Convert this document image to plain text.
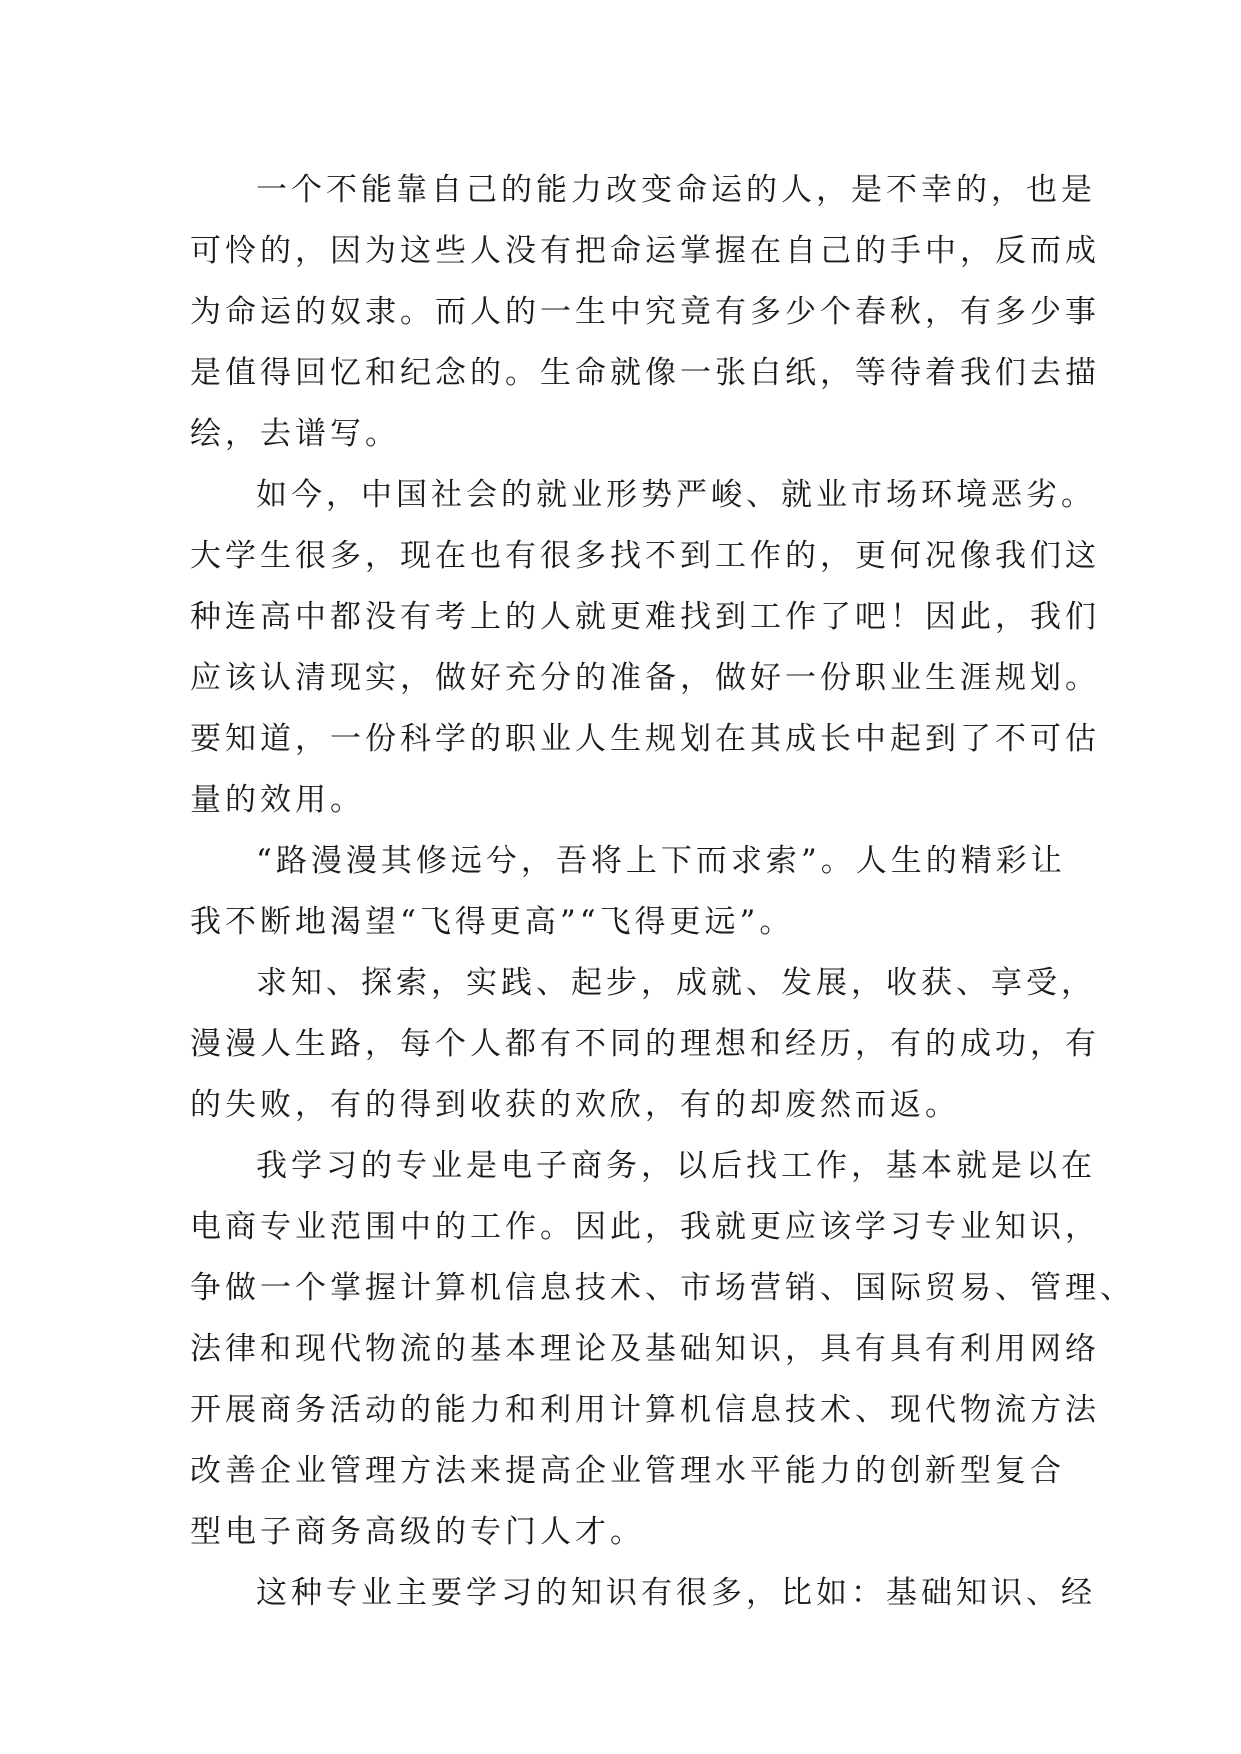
一个不能靠自己的能力改变命运的人，是不幸的，也是
可怜的，因为这些人没有把命运掌握在自己的手中，反而成
为命运的奴隶。而人的一生中究竟有多少个春秋，有多少事
是值得回忆和纪念的。生命就像一张白纸，等待着我们去描
绘，去谱写。
如今，中国社会的就业形势严峻、就业市场环境恶劣。
大学生很多，现在也有很多找不到工作的，更何况像我们这
种连高中都没有考上的人就更难找到工作了吧！因此，我们
应该认清现实，做好充分的准备，做好一份职业生涯规划。
要知道，一份科学的职业人生规划在其成长中起到了不可估
量的效用。
“路漫漫其修远兮，吾将上下而求索”。人生的精彩让
我不断地渴望“飞得更高”“飞得更远”。
求知、探索，实践、起步，成就、发展，收获、享受，
漫漫人生路，每个人都有不同的理想和经历，有的成功，有
的失败，有的得到收获的欢欣，有的却废然而返。
我学习的专业是电子商务，以后找工作，基本就是以在
电商专业范围中的工作。因此，我就更应该学习专业知识，
争做一个掌握计算机信息技术、市场营销、国际贸易、管理、
法律和现代物流的基本理论及基础知识，具有具有利用网络
开展商务活动的能力和利用计算机信息技术、现代物流方法
改善企业管理方法来提高企业管理水平能力的创新型复合
型电子商务高级的专门人才。
这种专业主要学习的知识有很多，比如：基础知识、经
